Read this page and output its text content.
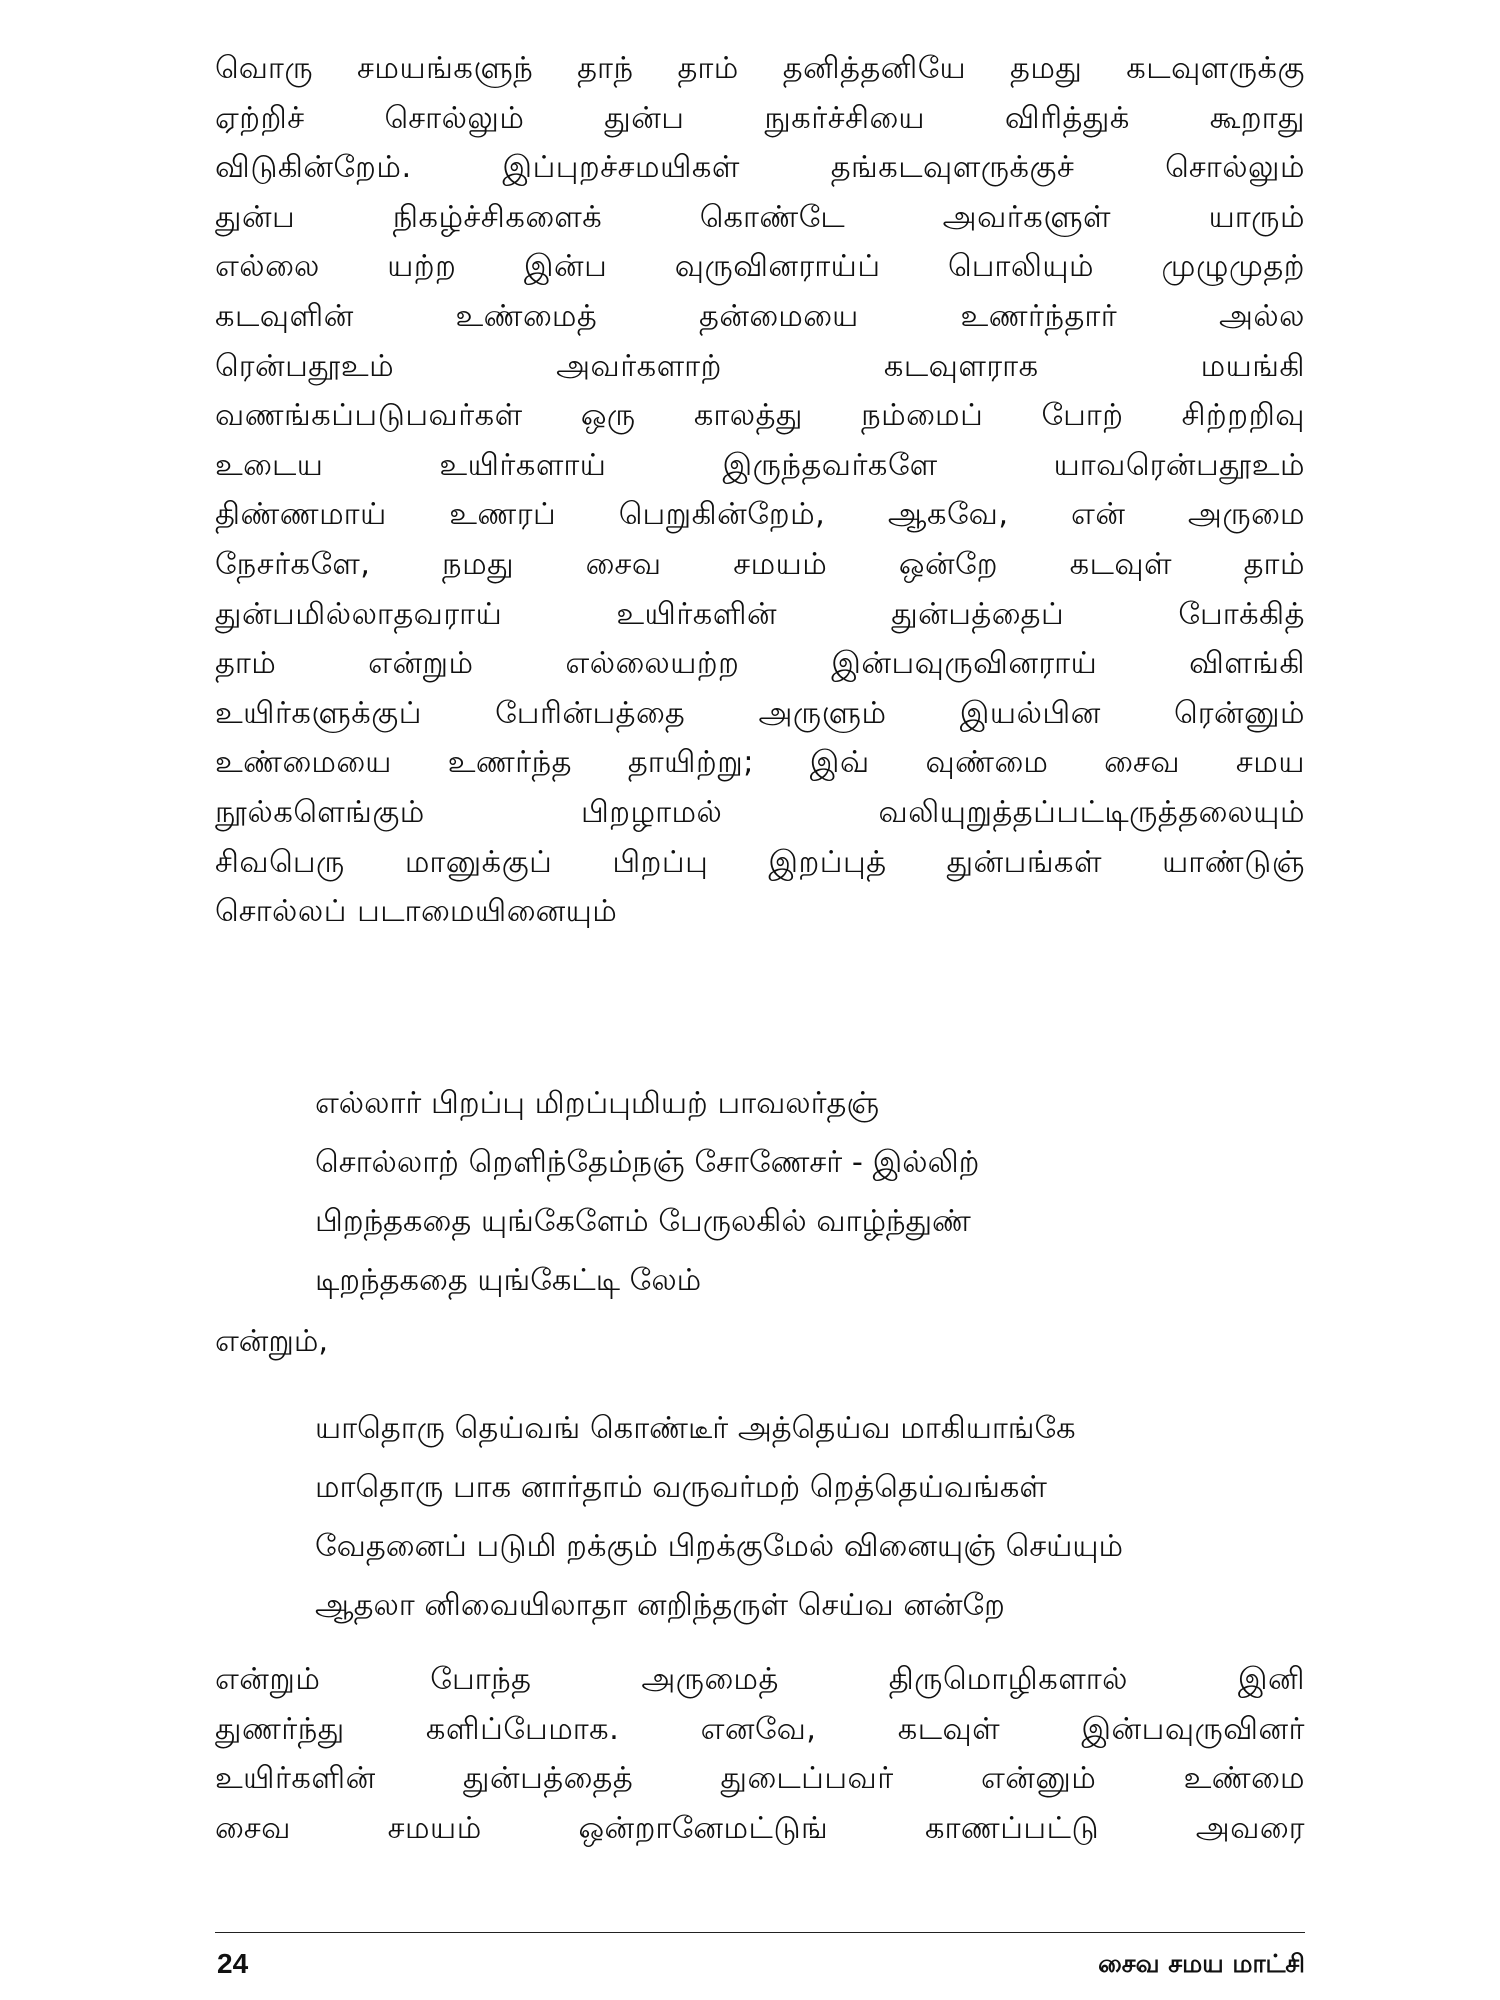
வொரு சமயங்களுந் தாந் தாம் தனித்தனியே தமது கடவுளருக்கு

ஏற்றிச் சொல்லும் துன்ப நுகர்ச்சியை விரித்துக் கூறாது

விடுகின்றேம். இப்புறச்சமயிகள் தங்கடவுளருக்குச் சொல்லும்

துன்ப நிகழ்ச்சிகளைக் கொண்டே அவர்களுள் யாரும்

எல்லை யற்ற இன்ப வுருவினராய்ப் பொலியும் முழுமுதற்

கடவுளின் உண்மைத் தன்மையை உணர்ந்தார் அல்ல

ரென்பதூஉம் அவர்களாற் கடவுளராக மயங்கி

வணங்கப்படுபவர்கள் ஒரு காலத்து நம்மைப் போற் சிற்றறிவு

உடைய உயிர்களாய் இருந்தவர்களே யாவரென்பதூஉம்

திண்ணமாய் உணரப் பெறுகின்றேம், ஆகவே, என் அருமை

நேசர்களே, நமது சைவ சமயம் ஒன்றே கடவுள் தாம்

துன்பமில்லாதவராய் உயிர்களின் துன்பத்தைப் போக்கித்

தாம் என்றும் எல்லையற்ற இன்பவுருவினராய் விளங்கி

உயிர்களுக்குப் பேரின்பத்தை அருளும் இயல்பின ரென்னும்

உண்மையை உணர்ந்த தாயிற்று; இவ் வுண்மை சைவ சமய

நூல்களெங்கும் பிறழாமல் வலியுறுத்தப்பட்டிருத்தலையும்

சிவபெரு மானுக்குப் பிறப்பு இறப்புத் துன்பங்கள் யாண்டுஞ்

சொல்லப் படாமையினையும்

எல்லார் பிறப்பு மிறப்புமியற் பாவலர்தஞ்

சொல்லாற் றெளிந்தேம்நஞ் சோணேசர் - இல்லிற்

பிறந்தகதை யுங்கேளேம் பேருலகில் வாழ்ந்துண்

டிறந்தகதை யுங்கேட்டி லேம்

என்றும்,

யாதொரு தெய்வங் கொண்டீர் அத்தெய்வ மாகியாங்கே

மாதொரு பாக னார்தாம் வருவர்மற் றெத்தெய்வங்கள்

வேதனைப் படுமி றக்கும் பிறக்குமேல் வினையுஞ் செய்யும்

ஆதலா னிவையிலாதா னறிந்தருள் செய்வ னன்றே

என்றும் போந்த அருமைத் திருமொழிகளால் இனி

துணர்ந்து களிப்பேமாக. எனவே, கடவுள் இன்பவுருவினர்

உயிர்களின் துன்பத்தைத் துடைப்பவர் என்னும் உண்மை

சைவ சமயம் ஒன்றானேமட்டுங் காணப்பட்டு அவரை

24	சைவ சமய மாட்சி
